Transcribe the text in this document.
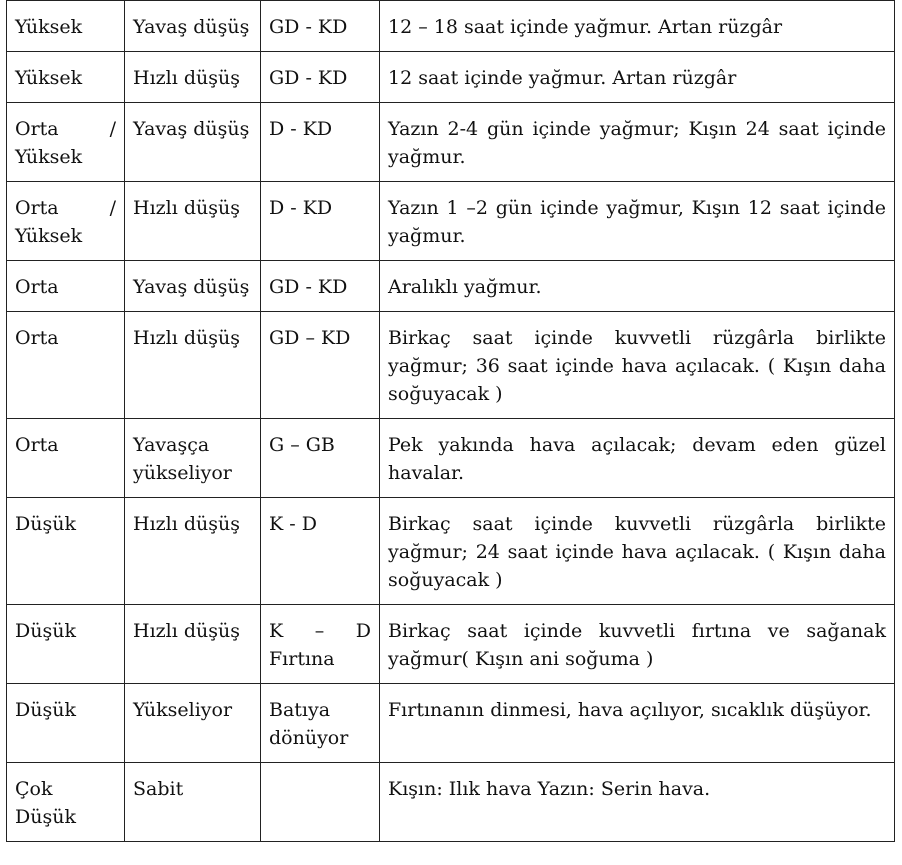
Yüksek	Yavaş düşüş	GD - KD	12 – 18 saat içinde yağmur. Artan rüzgâr
Yüksek	Hızlı düşüş	GD - KD	12 saat içinde yağmur. Artan rüzgâr
Orta / Yüksek	Yavaş düşüş	D - KD	Yazın 2-4 gün içinde yağmur; Kışın 24 saat içinde yağmur.
Orta / Yüksek	Hızlı düşüş	D - KD	Yazın 1 –2 gün içinde yağmur, Kışın 12 saat içinde yağmur.
Orta	Yavaş düşüş	GD - KD	Aralıklı yağmur.
Orta	Hızlı düşüş	GD – KD	Birkaç saat içinde kuvvetli rüzgârla birlikte yağmur; 36 saat içinde hava açılacak. ( Kışın daha soğuyacak )
Orta	Yavaşça yükseliyor	G – GB	Pek yakında hava açılacak; devam eden güzel havalar.
Düşük	Hızlı düşüş	K - D	Birkaç saat içinde kuvvetli rüzgârla birlikte yağmur; 24 saat içinde hava açılacak. ( Kışın daha soğuyacak )
Düşük	Hızlı düşüş	K – D Fırtına	Birkaç saat içinde kuvvetli fırtına ve sağanak yağmur( Kışın ani soğuma )
Düşük	Yükseliyor	Batıya dönüyor	Fırtınanın dinmesi, hava açılıyor, sıcaklık düşüyor.
Çok Düşük	Sabit		Kışın: Ilık hava Yazın: Serin hava.
